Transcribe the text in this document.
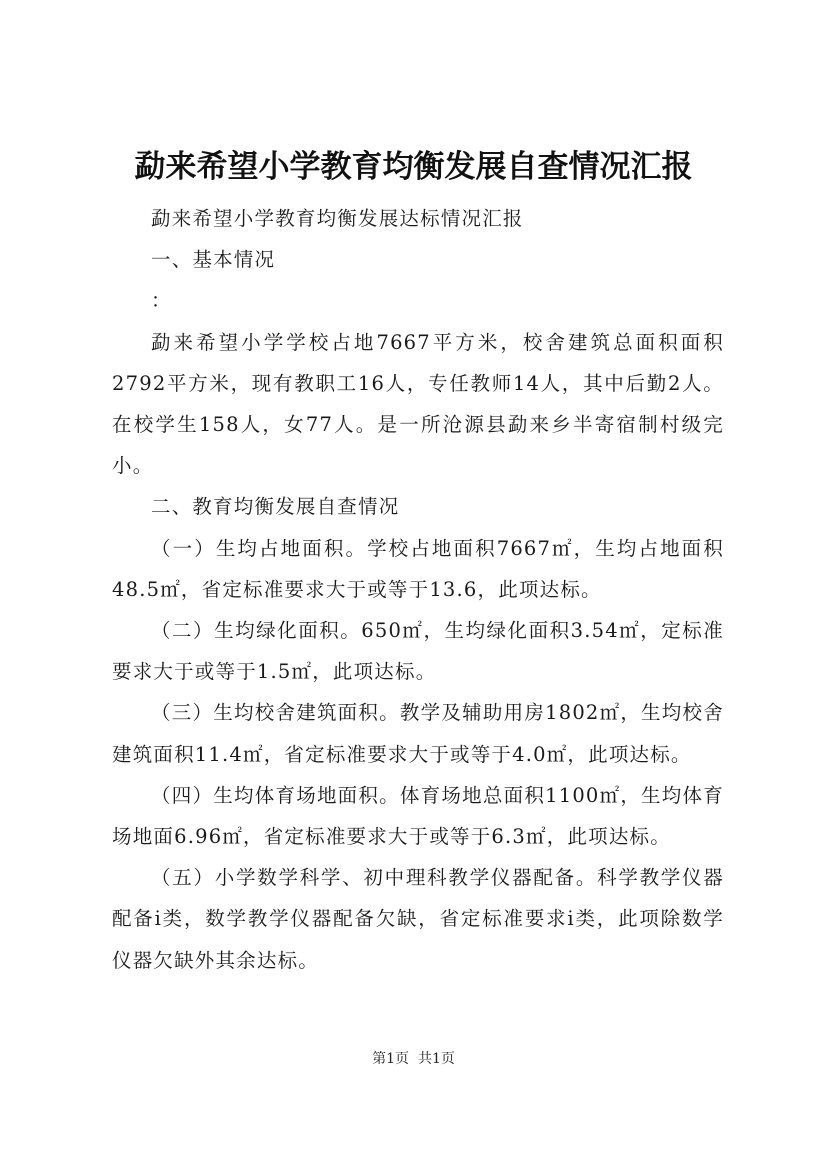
勐来希望小学教育均衡发展自查情况汇报

勐来希望小学教育均衡发展达标情况汇报

一、基本情况

：

勐来希望小学学校占地7667平方米，校舍建筑总面积面积2792平方米，现有教职工16人，专任教师14人，其中后勤2人。在校学生158人，女77人。是一所沧源县勐来乡半寄宿制村级完小。

二、教育均衡发展自查情况

（一）生均占地面积。学校占地面积7667㎡，生均占地面积48.5㎡，省定标准要求大于或等于13.6，此项达标。

（二）生均绿化面积。650㎡，生均绿化面积3.54㎡，定标准要求大于或等于1.5㎡，此项达标。

（三）生均校舍建筑面积。教学及辅助用房1802㎡，生均校舍建筑面积11.4㎡，省定标准要求大于或等于4.0㎡，此项达标。

（四）生均体育场地面积。体育场地总面积1100㎡，生均体育场地面6.96㎡，省定标准要求大于或等于6.3㎡，此项达标。

（五）小学数学科学、初中理科教学仪器配备。科学教学仪器配备ⅰ类，数学教学仪器配备欠缺，省定标准要求ⅰ类，此项除数学仪器欠缺外其余达标。

第1页  共1页
